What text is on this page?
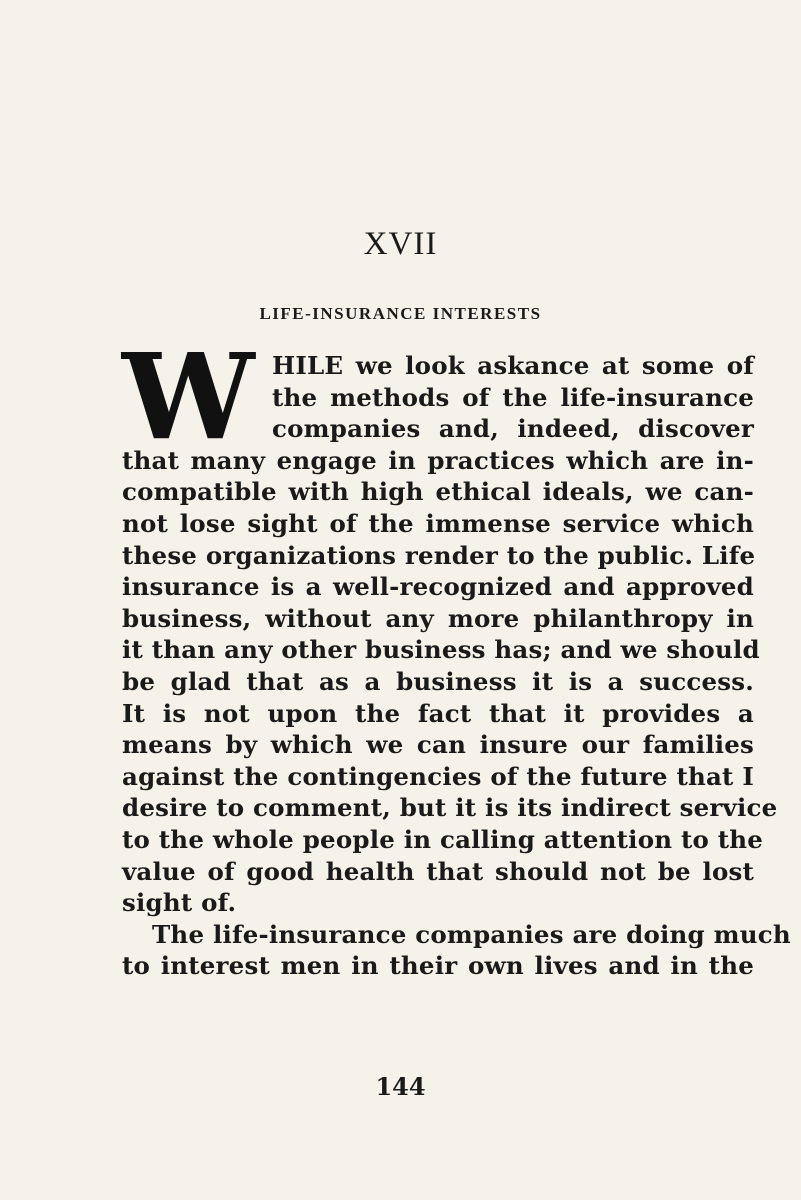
XVII
LIFE-INSURANCE INTERESTS
W HILE we look askance at some of
the methods of the life-insurance
companies and, indeed, discover
that many engage in practices which are in-
compatible with high ethical ideals, we can-
not lose sight of the immense service which
these organizations render to the public. Life
insurance is a well-recognized and approved
business, without any more philanthropy in
it than any other business has; and we should
be glad that as a business it is a success.
It is not upon the fact that it provides a
means by which we can insure our families
against the contingencies of the future that I
desire to comment, but it is its indirect service
to the whole people in calling attention to the
value of good health that should not be lost
sight of.
The life-insurance companies are doing much
to interest men in their own lives and in the
144
